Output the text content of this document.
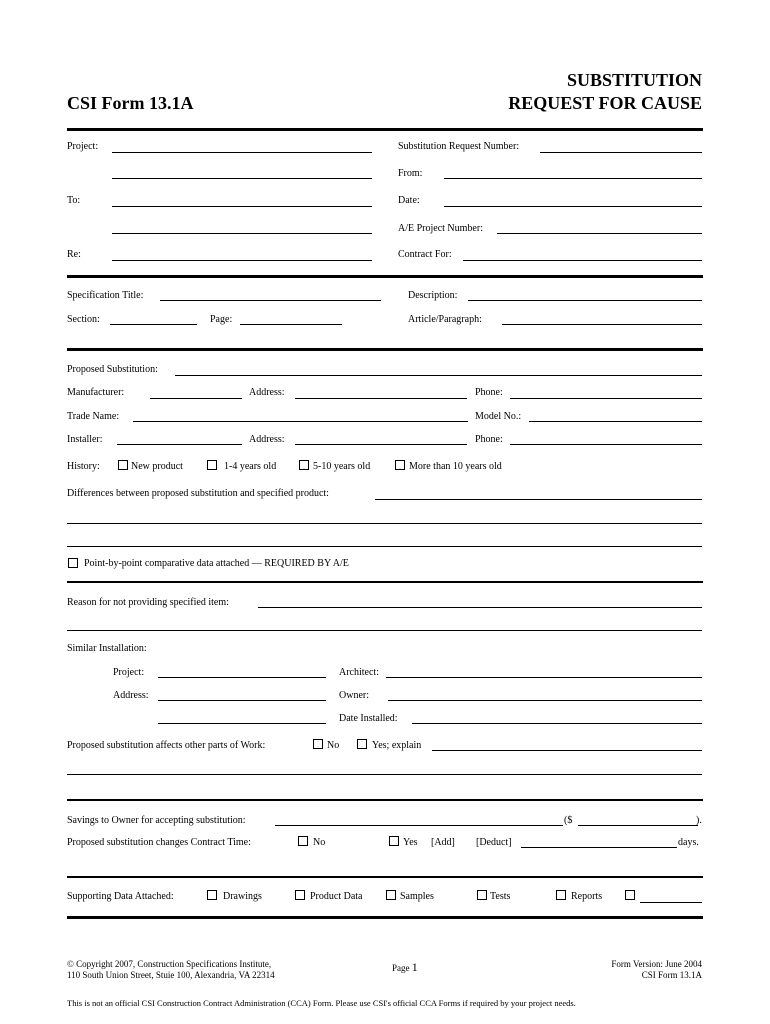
CSI Form 13.1A
SUBSTITUTION
REQUEST FOR CAUSE
Project:
To:
Re:
Substitution Request Number:
From:
Date:
A/E Project Number:
Contract For:
Specification Title:
Section:	Page:
Description:
Article/Paragraph:
Proposed Substitution:
Manufacturer:	Address:	Phone:
Trade Name:	Model No.:
Installer:	Address:	Phone:
History:	New product	1-4 years old	5-10 years old	More than 10 years old
Differences between proposed substitution and specified product:
Point-by-point comparative data attached — REQUIRED BY A/E
Reason for not providing specified item:
Similar Installation:
Project:
Address:
Architect:
Owner:
Date Installed:
Proposed substitution affects other parts of Work:	No	Yes; explain
Savings to Owner for accepting substitution:	($	).
Proposed substitution changes Contract Time:	No	Yes [Add] [Deduct]	days.
Supporting Data Attached:	Drawings	Product Data	Samples	Tests	Reports
© Copyright 2007, Construction Specifications Institute,
110 South Union Street, Stuie 100, Alexandria, VA 22314
Page 1	Form Version: June 2004
CSI Form 13.1A
This is not an official CSI Construction Contract Administration (CCA) Form. Please use CSI's official CCA Forms if required by your project needs.
